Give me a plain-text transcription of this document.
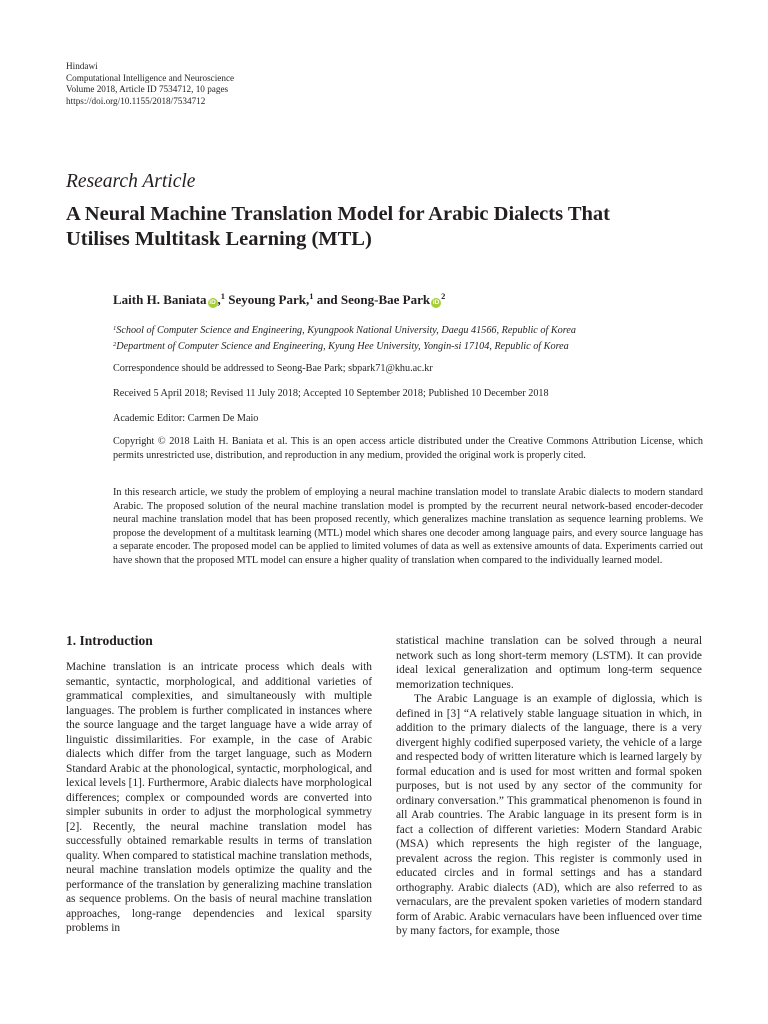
Hindawi
Computational Intelligence and Neuroscience
Volume 2018, Article ID 7534712, 10 pages
https://doi.org/10.1155/2018/7534712
Research Article
A Neural Machine Translation Model for Arabic Dialects That
Utilises Multitask Learning (MTL)
Laith H. Baniata iD ,$^1$ Seyoung Park,$^1$ and Seong-Bae Park $iD^2$
$^1$School of Computer Science and Engineering, Kyungpook National University, Daegu 41566, Republic of Korea
$^2$Department of Computer Science and Engineering, Kyung Hee University, Yongin-si 17104, Republic of Korea
Correspondence should be addressed to Seong-Bae Park; sbpark71@khu.ac.kr
Received 5 April 2018; Revised 11 July 2018; Accepted 10 September 2018; Published 10 December 2018
Academic Editor: Carmen De Maio
Copyright © 2018 Laith H. Baniata et al. This is an open access article distributed under the Creative Commons Attribution License, which permits unrestricted use, distribution, and reproduction in any medium, provided the original work is properly cited.
In this research article, we study the problem of employing a neural machine translation model to translate Arabic dialects to modern standard Arabic. The proposed solution of the neural machine translation model is prompted by the recurrent neural network-based encoder-decoder neural machine translation model that has been proposed recently, which generalizes machine translation as sequence learning problems. We propose the development of a multitask learning (MTL) model which shares one decoder among language pairs, and every source language has a separate encoder. The proposed model can be applied to limited volumes of data as well as extensive amounts of data. Experiments carried out have shown that the proposed MTL model can ensure a higher quality of translation when compared to the individually learned model.
1. Introduction

Machine translation is an intricate process which deals with semantic, syntactic, morphological, and additional varieties of grammatical complexities, and simultaneously with multiple languages. The problem is further complicated in instances where the source language and the target language have a wide array of linguistic dissimilarities. For example, in the case of Arabic dialects which differ from the target language, such as Modern Standard Arabic at the phonological, syntactic, morphological, and lexical levels [1]. Furthermore, Arabic dialects have morphological differences; complex or compounded words are converted into simpler subunits in order to adjust the morphological symmetry [2]. Recently, the neural machine translation model has successfully obtained remarkable results in terms of translation quality. When compared to statistical machine translation methods, neural machine translation models optimize the quality and the performance of the translation by generalizing machine translation as sequence problems. On the basis of neural machine translation approaches, long-range dependencies and lexical sparsity problems in

statistical machine translation can be solved through a neural network such as long short-term memory (LSTM). It can provide ideal lexical generalization and optimum long-term sequence memorization techniques.

The Arabic Language is an example of diglossia, which is defined in [3] “A relatively stable language situation in which, in addition to the primary dialects of the language, there is a very divergent highly codified superposed variety, the vehicle of a large and respected body of written literature which is learned largely by formal education and is used for most written and formal spoken purposes, but is not used by any sector of the community for ordinary conversation.” This grammatical phenomenon is found in all Arab countries. The Arabic language in its present form is in fact a collection of different varieties: Modern Standard Arabic (MSA) which represents the high register of the language, prevalent across the region. This register is commonly used in educated circles and in formal settings and has a standard orthography. Arabic dialects (AD), which are also referred to as vernaculars, are the prevalent spoken varieties of modern standard form of Arabic. Arabic vernaculars have been influenced over time by many factors, for example, those
